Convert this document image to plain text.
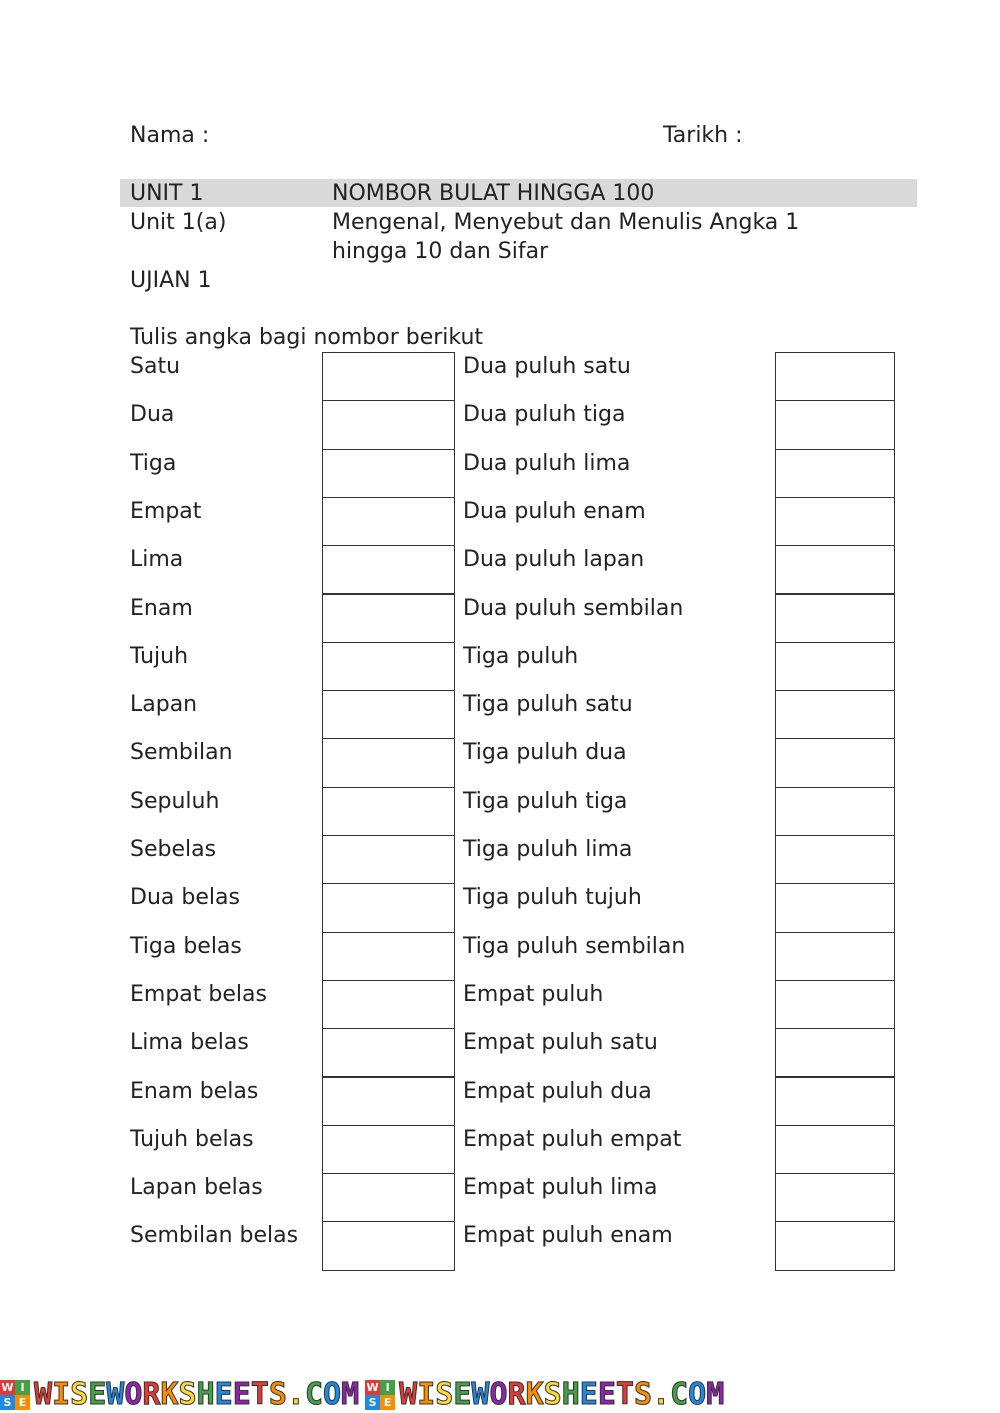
Nama :	Tarikh :
UNIT 1	NOMBOR BULAT HINGGA 100
Unit 1(a)	Mengenal, Menyebut dan Menulis Angka 1
hingga 10 dan Sifar
UJIAN 1
Tulis angka bagi nombor berikut
Satu	Dua puluh satu
Dua	Dua puluh tiga
Tiga	Dua puluh lima
Empat	Dua puluh enam
Lima	Dua puluh lapan
Enam	Dua puluh sembilan
Tujuh	Tiga puluh
Lapan	Tiga puluh satu
Sembilan	Tiga puluh dua
Sepuluh	Tiga puluh tiga
Sebelas	Tiga puluh lima
Dua belas	Tiga puluh tujuh
Tiga belas	Tiga puluh sembilan
Empat belas	Empat puluh
Lima belas	Empat puluh satu
Enam belas	Empat puluh dua
Tujuh belas	Empat puluh empat
Lapan belas	Empat puluh lima
Sembilan belas	Empat puluh enam
W I
S E WISEWORKSHEETS.COM W I
S E WISEWORKSHEETS.COM
